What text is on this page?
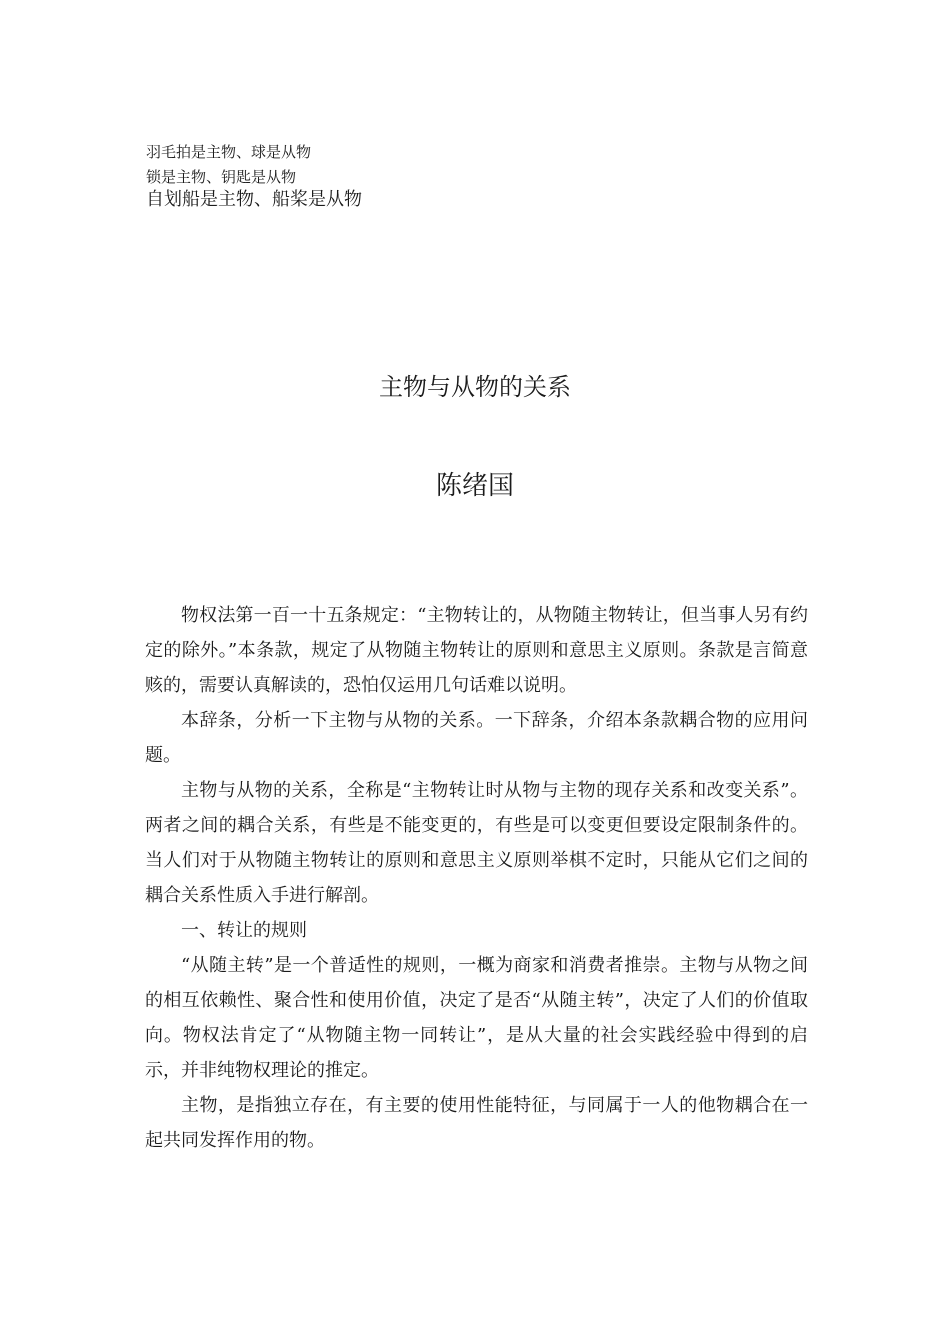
羽毛拍是主物、球是从物
锁是主物、钥匙是从物
自划船是主物、船桨是从物
主物与从物的关系
陈绪国

物权法第一百一十五条规定：“主物转让的，从物随主物转让，但当事人另有约定的除外。”本条款，规定了从物随主物转让的原则和意思主义原则。条款是言简意赅的，需要认真解读的，恐怕仅运用几句话难以说明。

本辞条，分析一下主物与从物的关系。一下辞条，介绍本条款耦合物的应用问题。

主物与从物的关系，全称是“主物转让时从物与主物的现存关系和改变关系”。两者之间的耦合关系，有些是不能变更的，有些是可以变更但要设定限制条件的。当人们对于从物随主物转让的原则和意思主义原则举棋不定时，只能从它们之间的耦合关系性质入手进行解剖。

一、转让的规则

“从随主转”是一个普适性的规则，一概为商家和消费者推崇。主物与从物之间的相互依赖性、聚合性和使用价值，决定了是否“从随主转”，决定了人们的价值取向。物权法肯定了“从物随主物一同转让”，是从大量的社会实践经验中得到的启示，并非纯物权理论的推定。

主物，是指独立存在，有主要的使用性能特征，与同属于一人的他物耦合在一起共同发挥作用的物。
